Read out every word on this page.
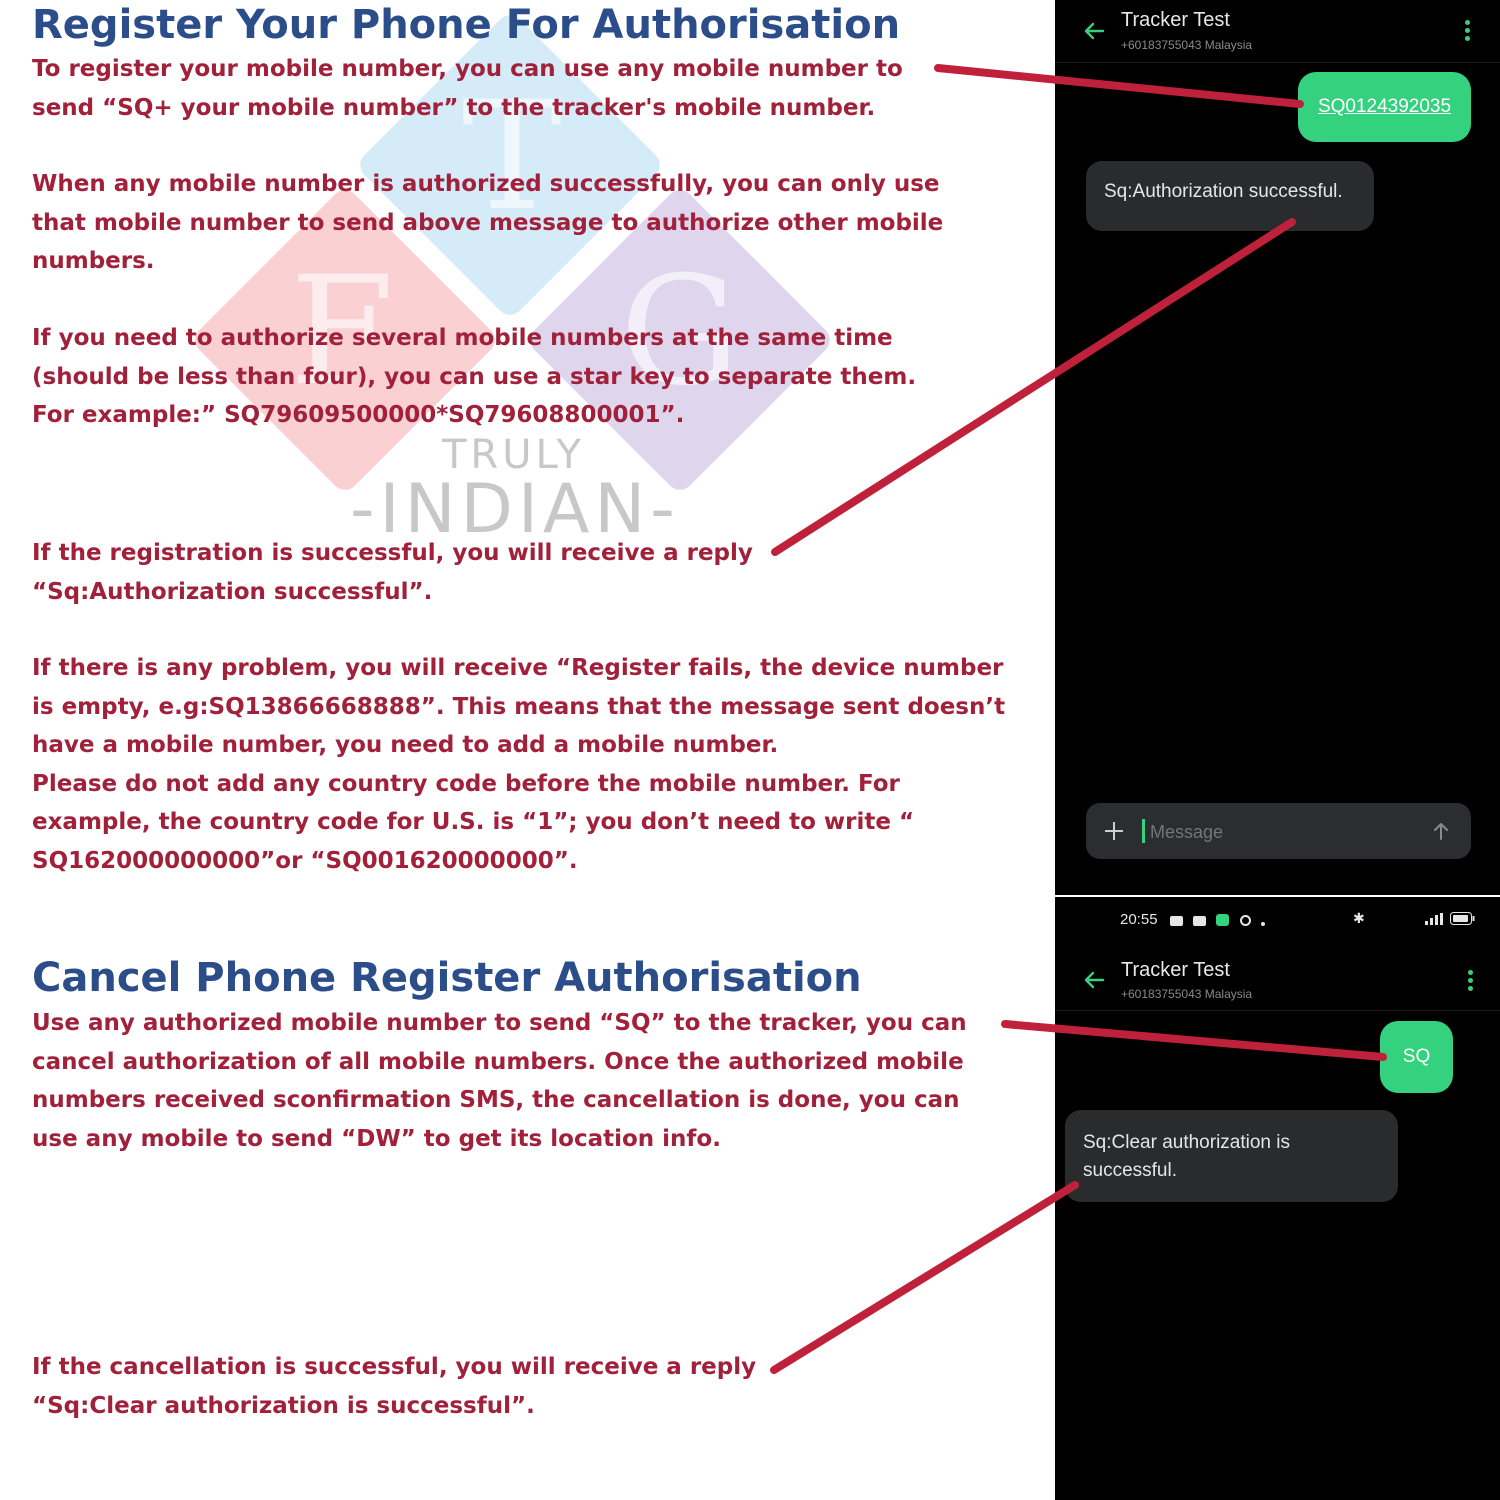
T
F G
TRULY
-INDIAN-
Register Your Phone For Authorisation

To register your mobile number, you can use any mobile number to
send “SQ+ your mobile number” to the tracker's mobile number.

When any mobile number is authorized successfully, you can only use
that mobile number to send above message to authorize other mobile
numbers.

If you need to authorize several mobile numbers at the same time
(should be less than four), you can use a star key to separate them.
For example:” SQ79609500000*SQ79608800001”.

If the registration is successful, you will receive a reply
“Sq:Authorization successful”.

If there is any problem, you will receive “Register fails, the device number
is empty, e.g:SQ13866668888”. This means that the message sent doesn’t
have a mobile number, you need to add a mobile number.
Please do not add any country code before the mobile number. For
example, the country code for U.S. is “1”; you don’t need to write “
SQ162000000000”or “SQ001620000000”.

Cancel Phone Register Authorisation

Use any authorized mobile number to send “SQ” to the tracker, you can
cancel authorization of all mobile numbers. Once the authorized mobile
numbers received sconfirmation SMS, the cancellation is done, you can
use any mobile to send “DW” to get its location info.

If the cancellation is successful, you will receive a reply
“Sq:Clear authorization is successful”.

Tracker Test
+60183755043 Malaysia
SQ0124392035
Sq:Authorization successful.
Message
20:55
	✱
Tracker Test
+60183755043 Malaysia
SQ
Sq:Clear authorization is successful.
